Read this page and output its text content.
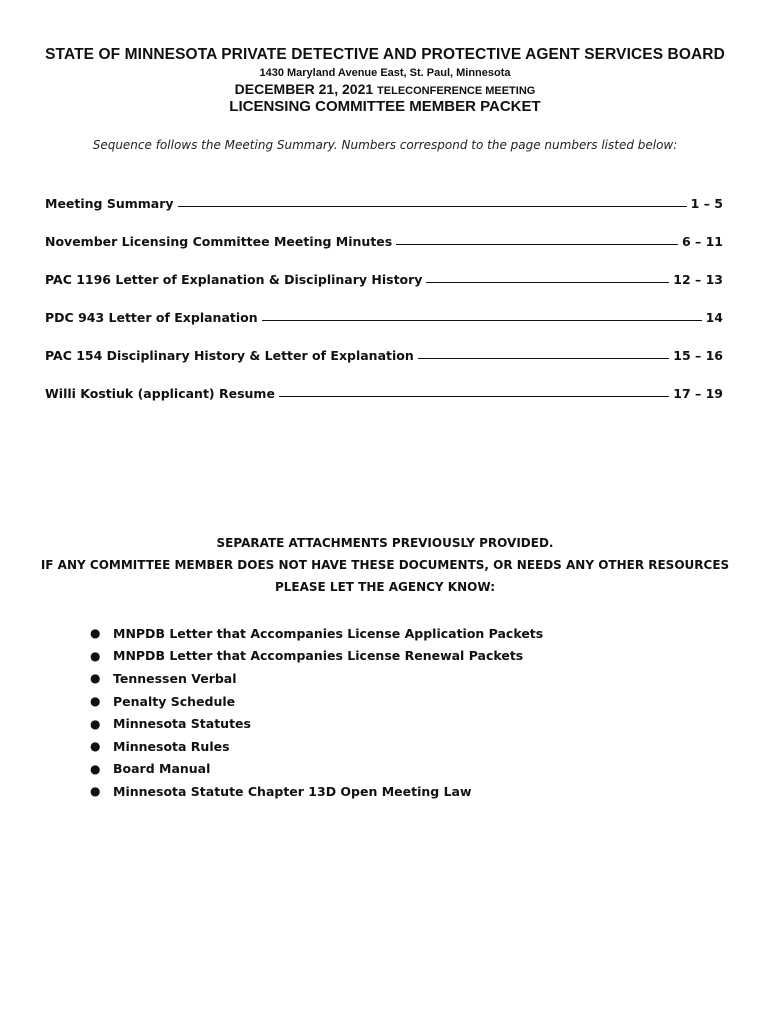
STATE OF MINNESOTA PRIVATE DETECTIVE AND PROTECTIVE AGENT SERVICES BOARD
1430 Maryland Avenue East, St. Paul, Minnesota
DECEMBER 21, 2021 TELECONFERENCE MEETING
LICENSING COMMITTEE MEMBER PACKET
Sequence follows the Meeting Summary. Numbers correspond to the page numbers listed below:
Meeting Summary	1 – 5
November Licensing Committee Meeting Minutes	6 – 11
PAC 1196 Letter of Explanation & Disciplinary History	12 – 13
PDC 943 Letter of Explanation	14
PAC 154 Disciplinary History & Letter of Explanation	15 – 16
Willi Kostiuk (applicant) Resume	17 – 19
SEPARATE ATTACHMENTS PREVIOUSLY PROVIDED.
IF ANY COMMITTEE MEMBER DOES NOT HAVE THESE DOCUMENTS, OR NEEDS ANY OTHER RESOURCES
PLEASE LET THE AGENCY KNOW:
●	MNPDB Letter that Accompanies License Application Packets
●	MNPDB Letter that Accompanies License Renewal Packets
●	Tennessen Verbal
●	Penalty Schedule
●	Minnesota Statutes
●	Minnesota Rules
●	Board Manual
●	Minnesota Statute Chapter 13D Open Meeting Law
